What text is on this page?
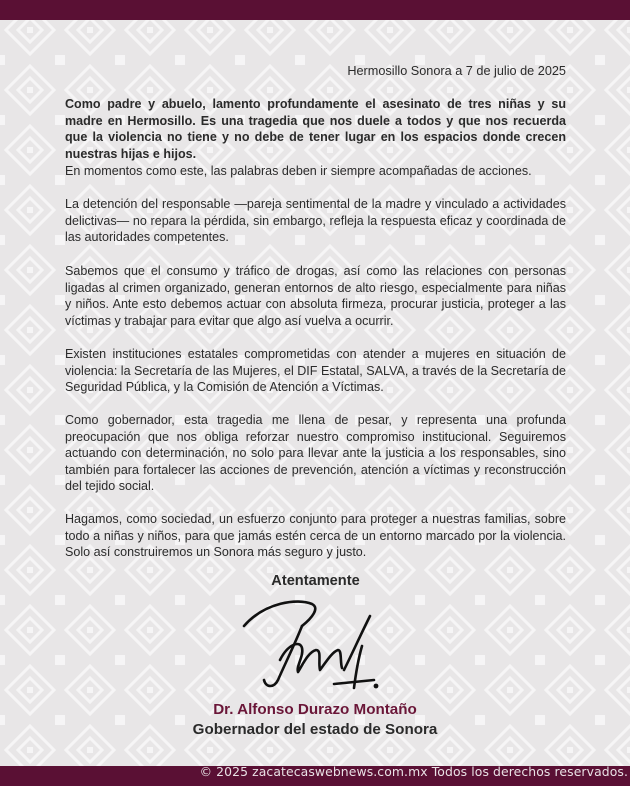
Hermosillo Sonora a 7 de julio de 2025

Como padre y abuelo, lamento profundamente el asesinato de tres niñas y su madre en Hermosillo. Es una tragedia que nos duele a todos y que nos recuerda que la violencia no tiene y no debe de tener lugar en los espacios donde crecen nuestras hijas e hijos.

En momentos como este, las palabras deben ir siempre acompañadas de acciones.

La detención del responsable —pareja sentimental de la madre y vinculado a actividades delictivas— no repara la pérdida, sin embargo, refleja la respuesta eficaz y coordinada de las autoridades competentes.

Sabemos que el consumo y tráfico de drogas, así como las relaciones con personas ligadas al crimen organizado, generan entornos de alto riesgo, especialmente para niñas y niños. Ante esto debemos actuar con absoluta firmeza, procurar justicia, proteger a las víctimas y trabajar para evitar que algo así vuelva a ocurrir.

Existen instituciones estatales comprometidas con atender a mujeres en situación de violencia: la Secretaría de las Mujeres, el DIF Estatal, SALVA, a través de la Secretaría de Seguridad Pública, y la Comisión de Atención a Víctimas.

Como gobernador, esta tragedia me llena de pesar, y representa una profunda preocupación que nos obliga reforzar nuestro compromiso institucional. Seguiremos actuando con determinación, no solo para llevar ante la justicia a los responsables, sino también para fortalecer las acciones de prevención, atención a víctimas y reconstrucción del tejido social.

Hagamos, como sociedad, un esfuerzo conjunto para proteger a nuestras familias, sobre todo a niñas y niños, para que jamás estén cerca de un entorno marcado por la violencia. Solo así construiremos un Sonora más seguro y justo.

Atentamente
Dr. Alfonso Durazo Montaño
Gobernador del estado de Sonora
© 2025 zacatecaswebnews.com.mx Todos los derechos reservados.
